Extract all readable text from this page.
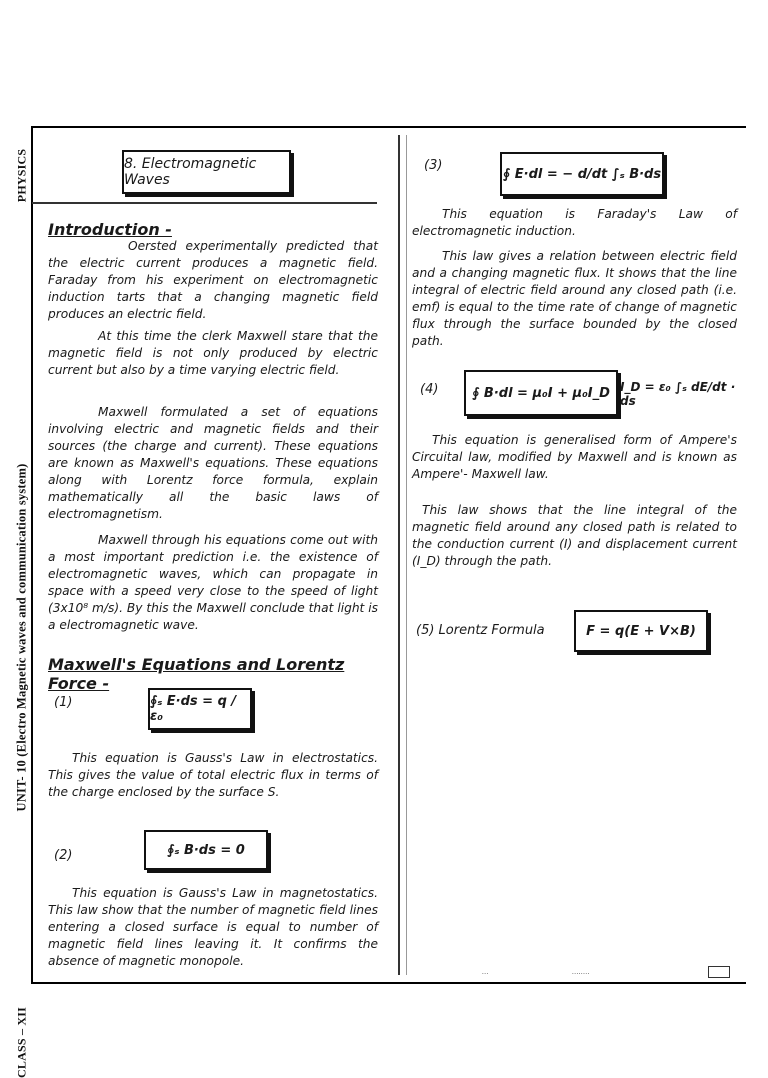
PHYSICS
UNIT- 10 (Electro Magnetic waves and communication system)
CLASS – XII
8. Electromagnetic Waves
Introduction -
Oersted experimentally predicted that the electric current produces a magnetic field. Faraday from his experiment on electromagnetic induction tarts that a changing magnetic field produces an electric field.
At this time the clerk Maxwell stare that the magnetic field is not only produced by electric current but also by a time varying electric field.
Maxwell formulated a set of equations involving electric and magnetic fields and their sources (the charge and current). These equations are known as Maxwell's equations. These equations along with Lorentz force formula, explain mathematically all the basic laws of electromagnetism.
Maxwell through his equations come out with a most important prediction i.e. the existence of electromagnetic waves, which can propagate in space with a speed very close to the speed of light (3x10⁸ m/s). By this the Maxwell conclude that light is a electromagnetic wave.
Maxwell's Equations and Lorentz Force -
(1)	∮ₛ E·ds = q / ε₀
This equation is Gauss's Law in electrostatics. This gives the value of total electric flux in terms of the charge enclosed by the surface S.
(2)	∮ₛ B·ds = 0
This equation is Gauss's Law in magnetostatics. This law show that the number of magnetic field lines entering a closed surface is equal to number of magnetic field lines leaving it. It confirms the absence of magnetic monopole.
(3)
∮ E·dl = − d/dt ∫ₛ B·ds
This equation is Faraday's Law of electromagnetic induction.
This law gives a relation between electric field and a changing magnetic flux. It shows that the line integral of electric field around any closed path (i.e. emf) is equal to the time rate of change of magnetic flux through the surface bounded by the closed path.
(4)	∮ B·dl = μ₀I + μ₀I_D I_D = ε₀ ∫ₛ dE/dt · ds
This equation is generalised form of Ampere's Circuital law, modified by Maxwell and is known as Ampere'- Maxwell law.
This law shows that the line integral of the magnetic field around any closed path is related to the conduction current (I) and displacement current (I_D) through the path.
(5) Lorentz Formula	F = q(E + V×B)
...	........
